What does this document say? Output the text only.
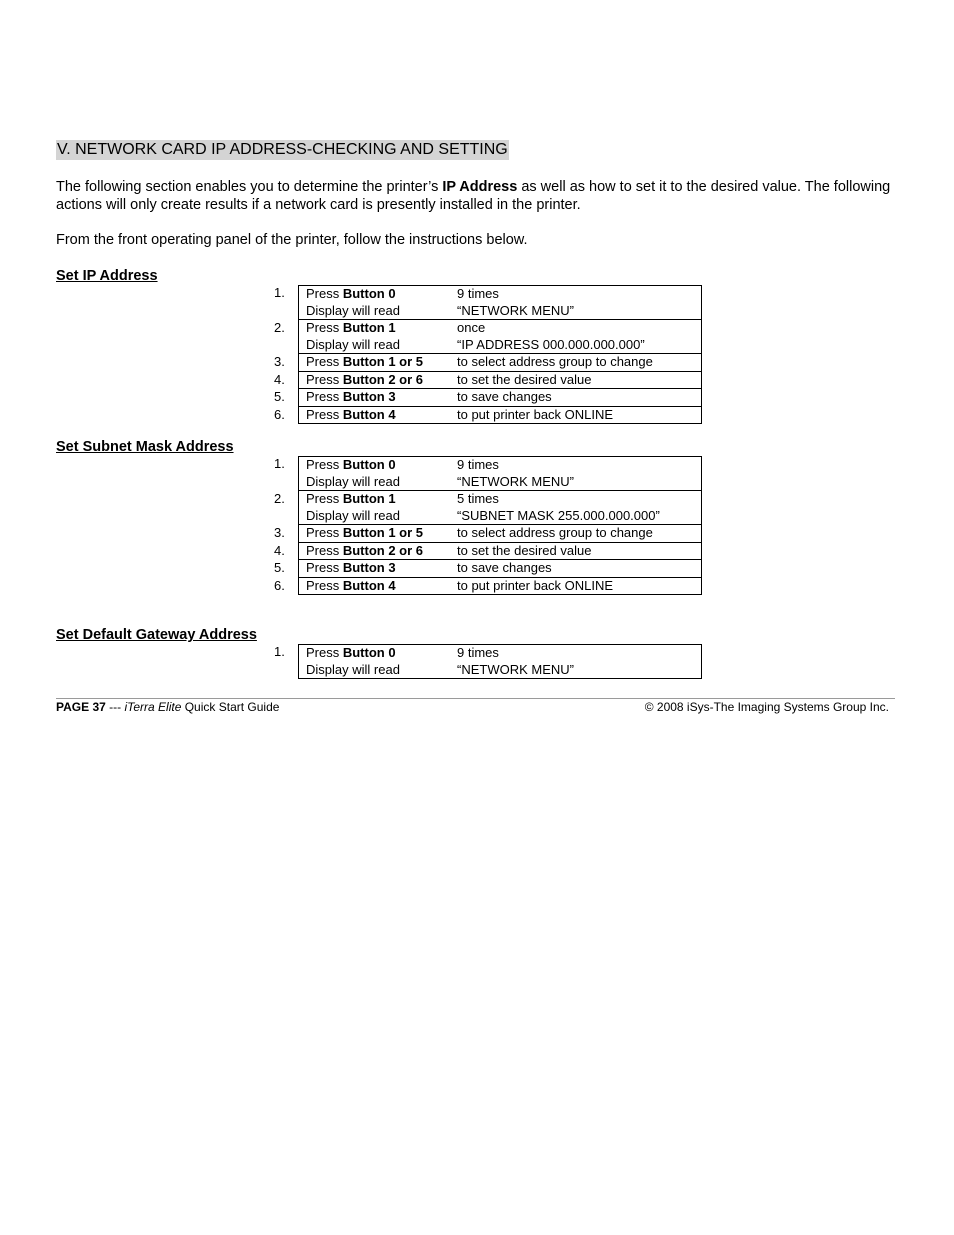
V. NETWORK CARD IP ADDRESS-CHECKING AND SETTING
The following section enables you to determine the printer’s IP Address as well as how to set it to the desired value. The following actions will only create results if a network card is presently installed in the printer.
From the front operating panel of the printer, follow the instructions below.
Set IP Address
1.	Press Button 0	9 times
Display will read	“NETWORK MENU”
2.	Press Button 1	once
Display will read	“IP ADDRESS 000.000.000.000”
3.	Press Button 1 or 5	to select address group to change
4.	Press Button 2 or 6	to set the desired value
5.	Press Button 3	to save changes
6.	Press Button 4	to put printer back ONLINE
Set Subnet Mask Address
1.	Press Button 0	9 times
Display will read	“NETWORK MENU”
2.	Press Button 1	5 times
Display will read	“SUBNET MASK 255.000.000.000”
3.	Press Button 1 or 5	to select address group to change
4.	Press Button 2 or 6	to set the desired value
5.	Press Button 3	to save changes
6.	Press Button 4	to put printer back ONLINE
Set Default Gateway Address
1.	Press Button 0	9 times
Display will read	“NETWORK MENU”
PAGE 37 --- iTerra Elite Quick Start Guide	© 2008 iSys-The Imaging Systems Group Inc.
